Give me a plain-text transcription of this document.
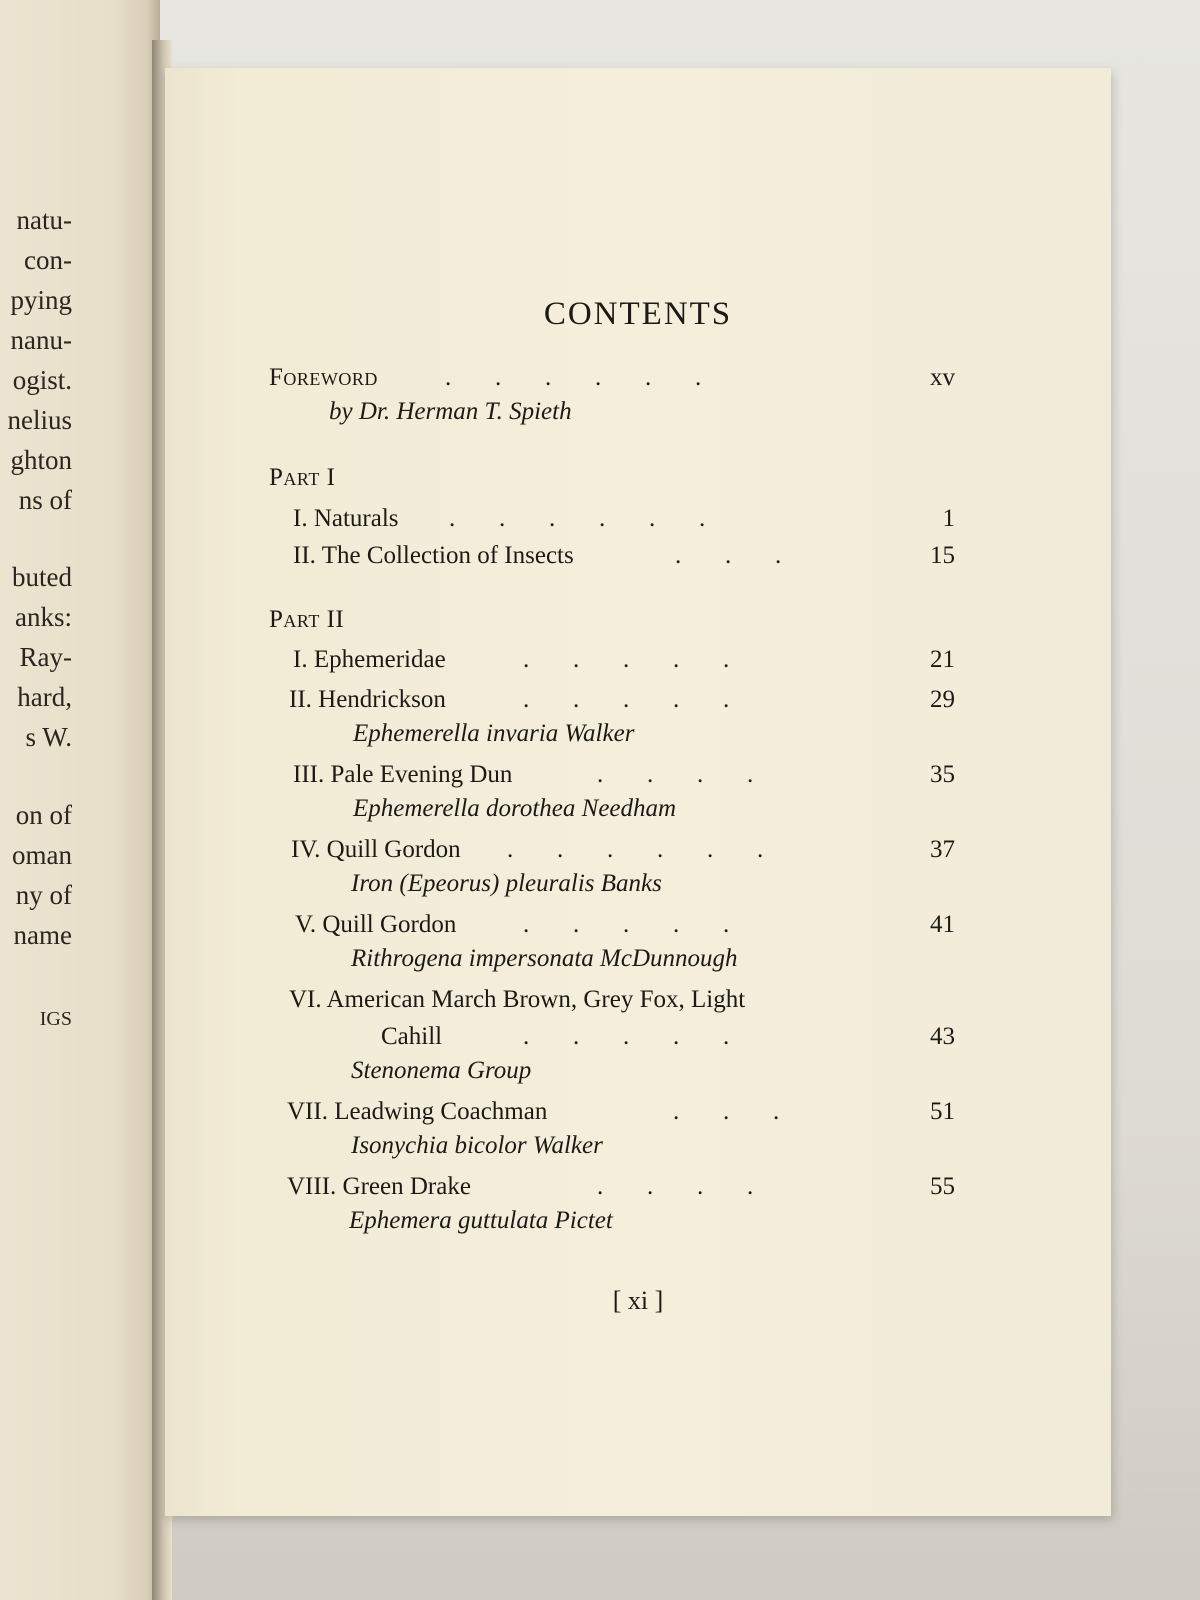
natu-
con-
pying
nanu-
ogist.
nelius
ghton
ns of
buted
anks:
Ray-
hard,
s W.
on of
oman
ny of
name
IGS
CONTENTS
Foreword	.       .       .       .       .       .	xv
by Dr. Herman T. Spieth
Part I
I. Naturals .       .       .       .       .       .	1
II. The Collection of Insects	.       .       .	15
Part II
I. Ephemeridae	.       .       .       .       .	21
II. Hendrickson	.       .       .       .       .	29
Ephemerella invaria Walker
III. Pale Evening Dun	.       .       .       .	35
Ephemerella dorothea Needham
IV. Quill Gordon .       .       .       .       .       .	37
Iron (Epeorus) pleuralis Banks
V. Quill Gordon	.       .       .       .       .	41
Rithrogena impersonata McDunnough
VI. American March Brown, Grey Fox, Light
Cahill	.       .       .       .       .	43
Stenonema Group
VII. Leadwing Coachman	.       .       .	51
Isonychia bicolor Walker
VIII. Green Drake	.       .       .       .	55
Ephemera guttulata Pictet
[ xi ]
